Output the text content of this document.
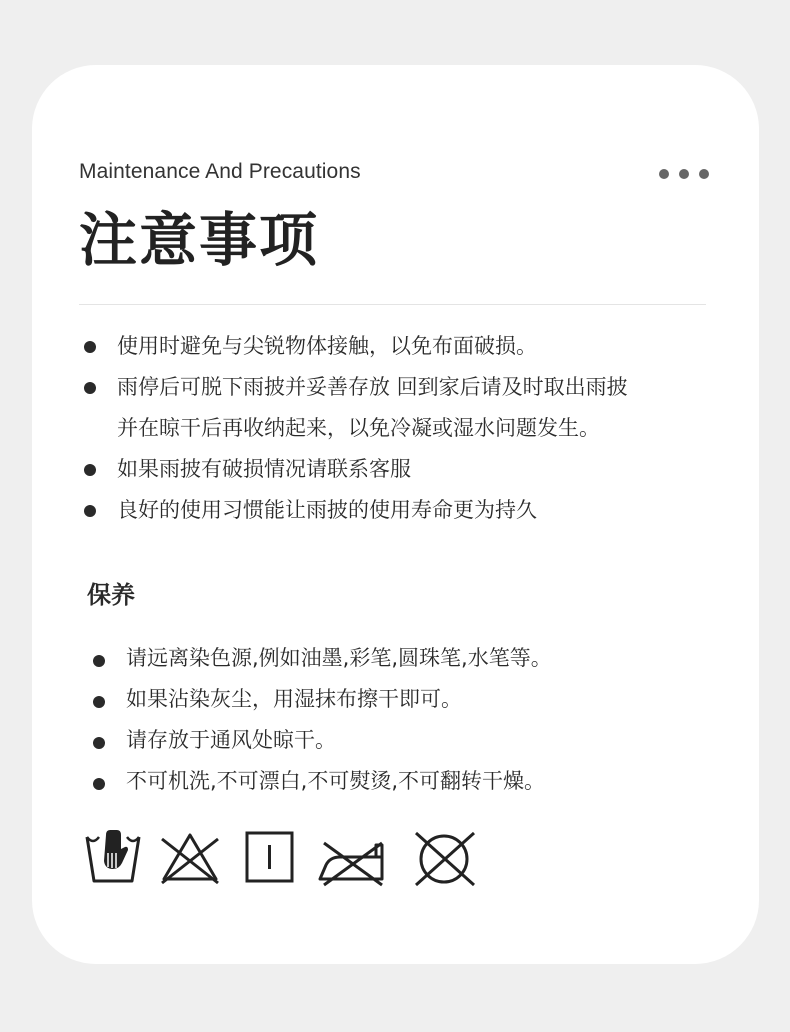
Maintenance And Precautions
注意事项
使用时避免与尖锐物体接触，以免布面破损。
雨停后可脱下雨披并妥善存放 回到家后请及时取出雨披
并在晾干后再收纳起来，以免冷凝或湿水问题发生。
如果雨披有破损情况请联系客服
良好的使用习惯能让雨披的使用寿命更为持久
保养
请远离染色源,例如油墨,彩笔,圆珠笔,水笔等。
如果沾染灰尘，用湿抹布擦干即可。
请存放于通风处晾干。
不可机洗,不可漂白,不可熨烫,不可翻转干燥。
